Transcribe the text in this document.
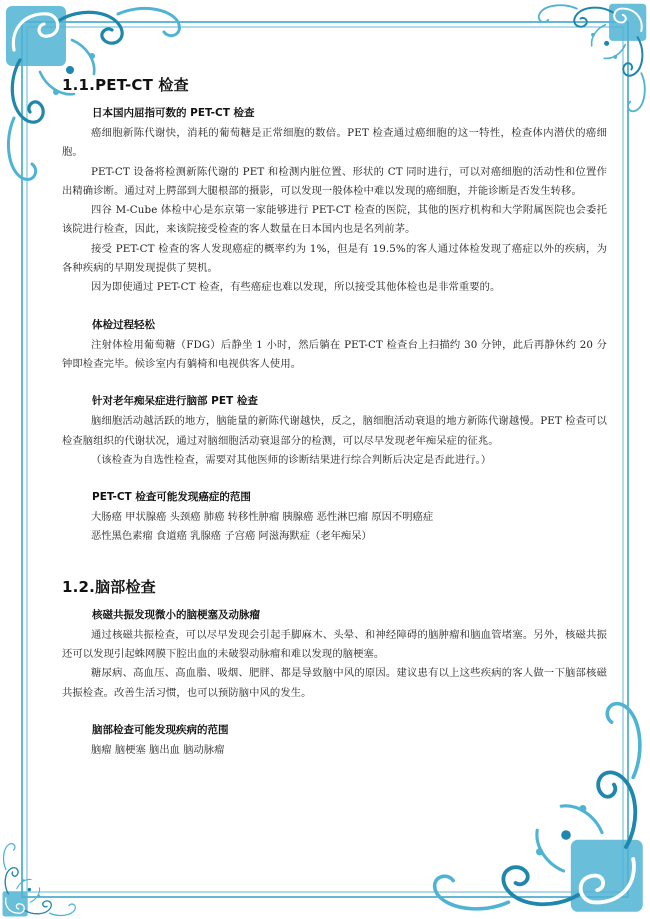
1.1.PET-CT 检查
日本国内屈指可数的 PET-CT 检查

癌细胞新陈代谢快，消耗的葡萄糖是正常细胞的数倍。PET 检查通过癌细胞的这一特性，检查体内潜伏的癌细胞。

PET-CT 设备将检测新陈代谢的 PET 和检测内脏位置、形状的 CT 同时进行，可以对癌细胞的活动性和位置作出精确诊断。通过对上腭部到大腿根部的摄影，可以发现一般体检中难以发现的癌细胞，并能诊断是否发生转移。

四谷 M-Cube 体检中心是东京第一家能够进行 PET-CT 检查的医院，其他的医疗机构和大学附属医院也会委托该院进行检查，因此，来该院接受检查的客人数量在日本国内也是名列前茅。

接受 PET-CT 检查的客人发现癌症的概率约为 1%，但是有 19.5%的客人通过体检发现了癌症以外的疾病，为各种疾病的早期发现提供了契机。

因为即使通过 PET-CT 检查，有些癌症也难以发现，所以接受其他体检也是非常重要的。

体检过程轻松

注射体检用葡萄糖（FDG）后静坐 1 小时，然后躺在 PET-CT 检查台上扫描约 30 分钟，此后再静休约 20 分钟即检查完毕。候诊室内有躺椅和电视供客人使用。

针对老年痴呆症进行脑部 PET 检查

脑细胞活动越活跃的地方，脑能量的新陈代谢越快，反之，脑细胞活动衰退的地方新陈代谢越慢。PET 检查可以检查脑组织的代谢状况，通过对脑细胞活动衰退部分的检测，可以尽早发现老年痴呆症的征兆。

（该检查为自选性检查，需要对其他医师的诊断结果进行综合判断后决定是否此进行。）

PET-CT 检查可能发现癌症的范围
大肠癌 甲状腺癌 头颈癌 肺癌 转移性肿瘤 胰腺癌 恶性淋巴瘤 原因不明癌症
恶性黑色素瘤 食道癌 乳腺癌 子宫癌 阿滋海默症（老年痴呆）
1.2.脑部检查
核磁共振发现微小的脑梗塞及动脉瘤

通过核磁共振检查，可以尽早发现会引起手脚麻木、头晕、和神经障碍的脑肿瘤和脑血管堵塞。另外，核磁共振还可以发现引起蛛网膜下腔出血的未破裂动脉瘤和难以发现的脑梗塞。

糖尿病、高血压、高血脂、吸烟、肥胖、都是导致脑中风的原因。建议患有以上这些疾病的客人做一下脑部核磁共振检查。改善生活习惯，也可以预防脑中风的发生。

脑部检查可能发现疾病的范围
脑瘤 脑梗塞 脑出血 脑动脉瘤
